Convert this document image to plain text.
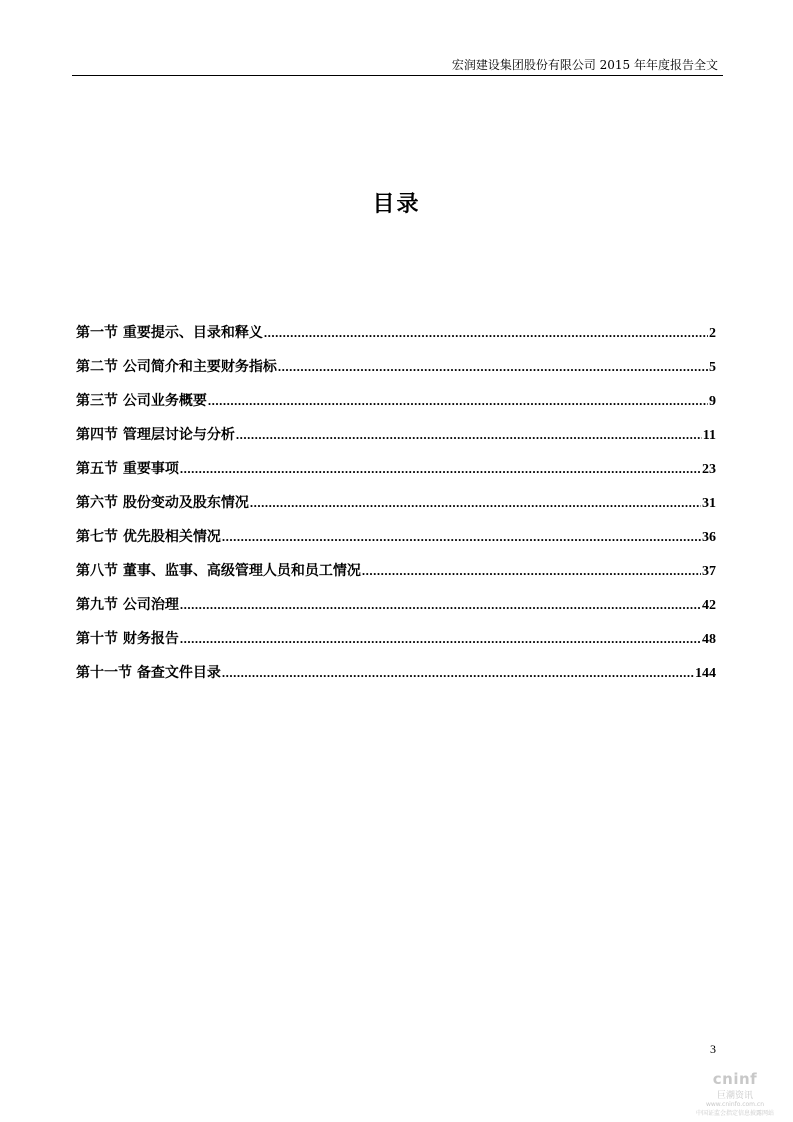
宏润建设集团股份有限公司 2015 年年度报告全文
目录
第一节 重要提示、目录和释义 .....	2
第二节 公司简介和主要财务指标 .....	5
第三节 公司业务概要 .....	9
第四节 管理层讨论与分析 .....	11
第五节 重要事项 .....	23
第六节 股份变动及股东情况 .....	31
第七节 优先股相关情况 .....	36
第八节 董事、监事、高级管理人员和员工情况 .....	37
第九节 公司治理 .....	42
第十节 财务报告 .....	48
第十一节 备查文件目录 .....	144
3
cninf
巨潮资讯
www.cninfo.com.cn
中国证监会指定信息披露网站
